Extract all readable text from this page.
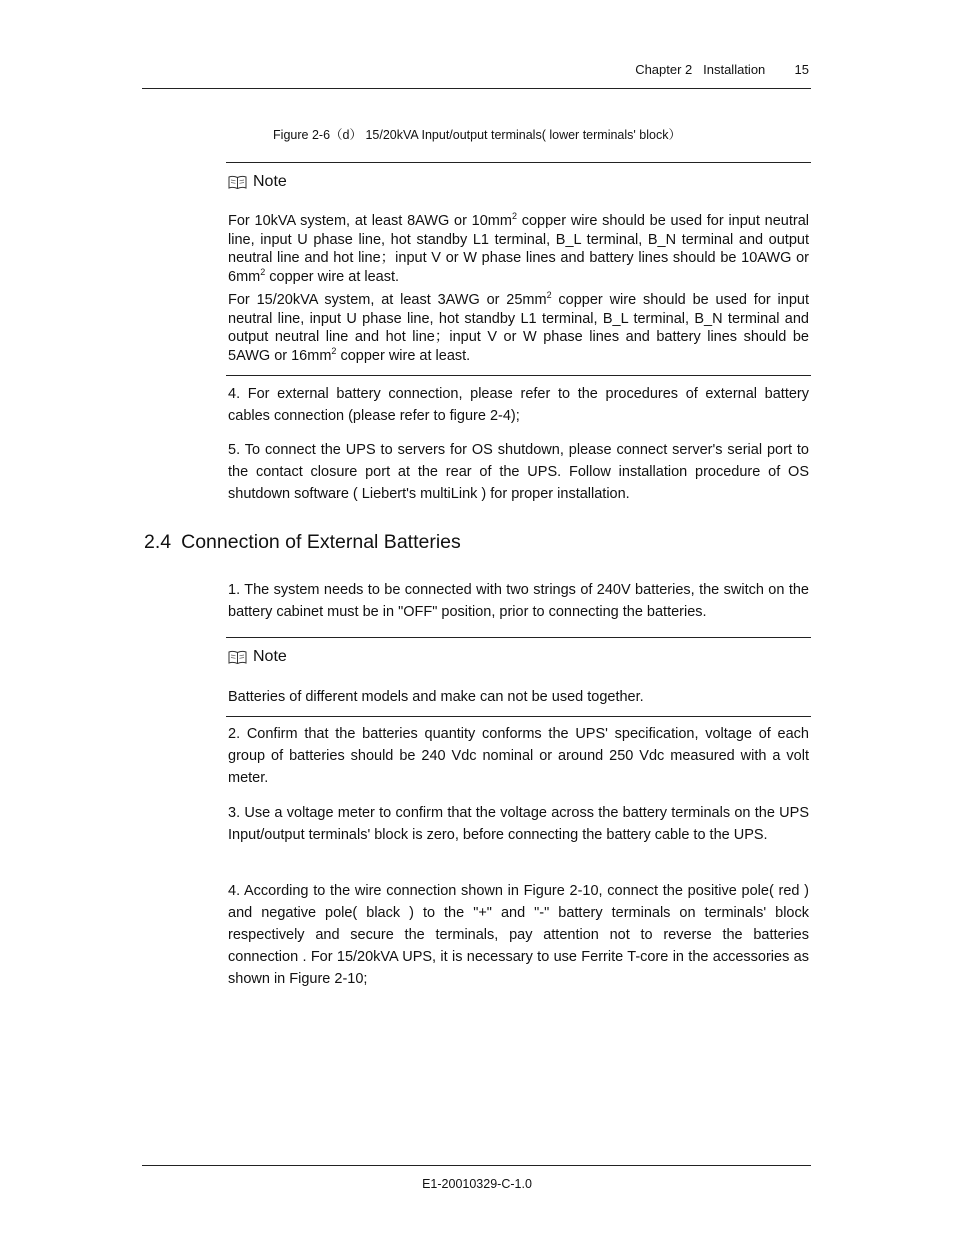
Chapter 2 Installation 15
Figure 2-6（d） 15/20kVA Input/output terminals( lower terminals' block）
Note
For 10kVA system, at least 8AWG or $10mm^2$ copper wire should be used for input neutral line, input U phase line, hot standby L1 terminal, B_L terminal, B_N terminal and output neutral line and hot line；input V or W phase lines and battery lines should be 10AWG or $6mm^2$ copper wire at least.
For 15/20kVA system, at least 3AWG or $25mm^2$ copper wire should be used for input neutral line, input U phase line, hot standby L1 terminal, B_L terminal, B_N terminal and output neutral line and hot line；input V or W phase lines and battery lines should be 5AWG or $16mm^2$ copper wire at least.
4. For external battery connection, please refer to the procedures of external battery cables connection (please refer to figure 2-4);
5. To connect the UPS to servers for OS shutdown, please connect server's serial port to the contact closure port at the rear of the UPS. Follow installation procedure of OS shutdown software ( Liebert's multiLink ) for proper installation.
2.4 Connection of External Batteries
1. The system needs to be connected with two strings of 240V batteries, the switch on the battery cabinet must be in "OFF" position, prior to connecting the batteries.
Note
Batteries of different models and make can not be used together.
2. Confirm that the batteries quantity conforms the UPS' specification, voltage of each group of batteries should be 240 Vdc nominal or around 250 Vdc measured with a volt meter.
3. Use a voltage meter to confirm that the voltage across the battery terminals on the UPS Input/output terminals' block is zero, before connecting the battery cable to the UPS.
4. According to the wire connection shown in Figure 2-10, connect the positive pole( red ) and negative pole( black ) to the "+" and "-" battery terminals on terminals' block respectively and secure the terminals, pay attention not to reverse the batteries connection . For 15/20kVA UPS, it is necessary to use Ferrite T-core in the accessories as shown in Figure 2-10;
E1-20010329-C-1.0
